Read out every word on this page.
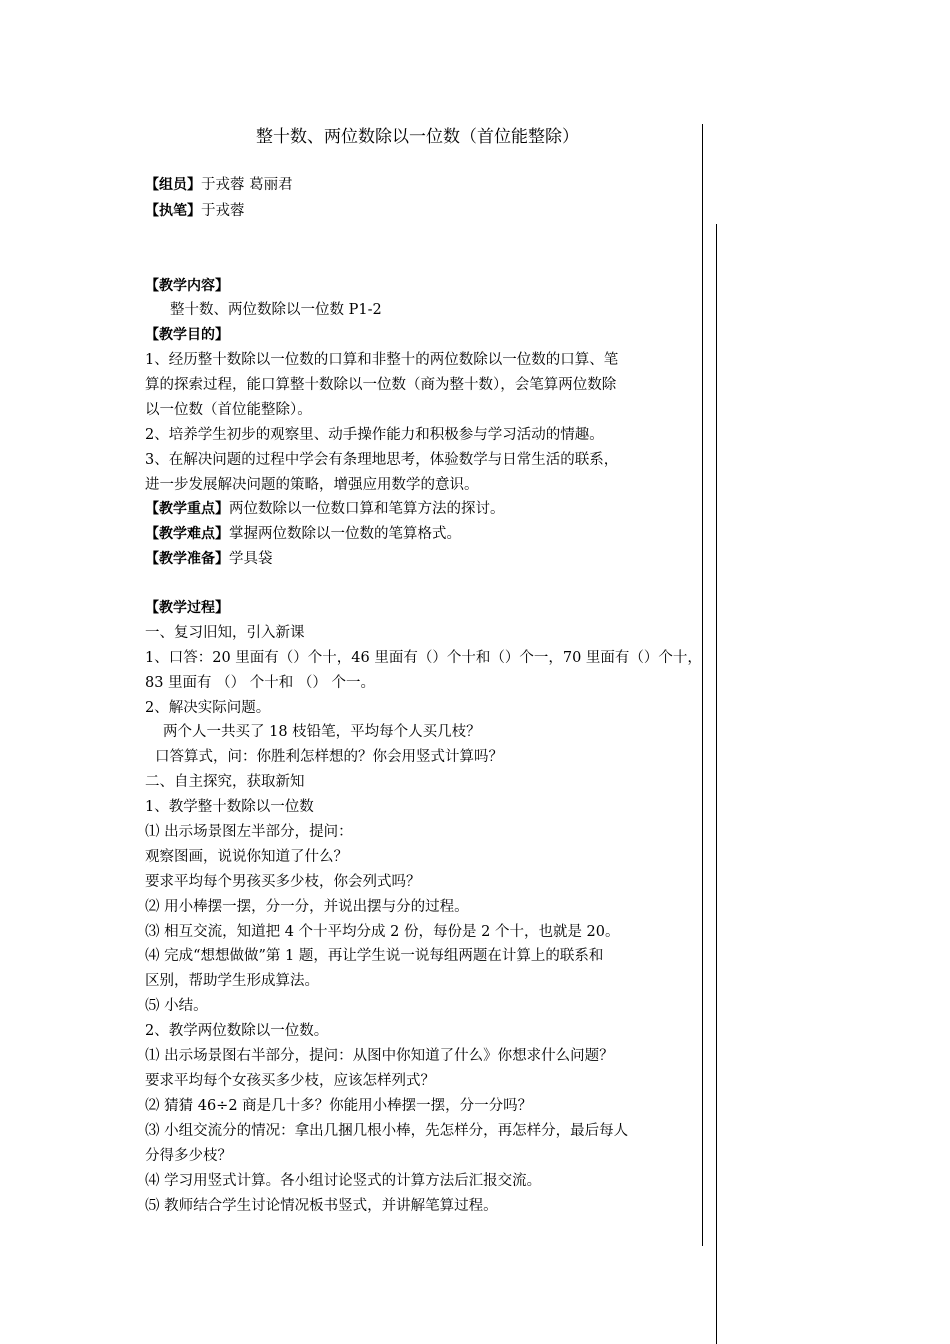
整十数、两位数除以一位数（首位能整除）
【组员】于戎蓉 葛丽君
【执笔】于戎蓉
【教学内容】
整十数、两位数除以一位数 P1-2
【教学目的】
1、经历整十数除以一位数的口算和非整十的两位数除以一位数的口算、笔
算的探索过程，能口算整十数除以一位数（商为整十数），会笔算两位数除
以一位数（首位能整除）。
2、培养学生初步的观察里、动手操作能力和积极参与学习活动的情趣。
3、在解决问题的过程中学会有条理地思考，体验数学与日常生活的联系，
进一步发展解决问题的策略，增强应用数学的意识。
【教学重点】两位数除以一位数口算和笔算方法的探讨。
【教学难点】掌握两位数除以一位数的笔算格式。
【教学准备】学具袋
【教学过程】
一、复习旧知，引入新课
1、口答：20 里面有（）个十，46 里面有（）个十和（）个一，70 里面有（）个十，
83 里面有 （） 个十和 （） 个一。
2、解决实际问题。
两个人一共买了 18 枝铅笔，平均每个人买几枝？
口答算式，问：你胜利怎样想的？你会用竖式计算吗？
二、自主探究，获取新知
1、教学整十数除以一位数
⑴ 出示场景图左半部分，提问：
观察图画，说说你知道了什么？
要求平均每个男孩买多少枝，你会列式吗？
⑵ 用小棒摆一摆，分一分，并说出摆与分的过程。
⑶ 相互交流，知道把 4 个十平均分成 2 份，每份是 2 个十，也就是 20。
⑷ 完成“想想做做”第 1 题，再让学生说一说每组两题在计算上的联系和
区别，帮助学生形成算法。
⑸ 小结。
2、教学两位数除以一位数。
⑴ 出示场景图右半部分，提问：从图中你知道了什么》你想求什么问题？
要求平均每个女孩买多少枝，应该怎样列式？
⑵ 猜猜 46÷2 商是几十多？你能用小棒摆一摆，分一分吗？
⑶ 小组交流分的情况：拿出几捆几根小棒，先怎样分，再怎样分，最后每人
分得多少枝？
⑷ 学习用竖式计算。各小组讨论竖式的计算方法后汇报交流。
⑸ 教师结合学生讨论情况板书竖式，并讲解笔算过程。
